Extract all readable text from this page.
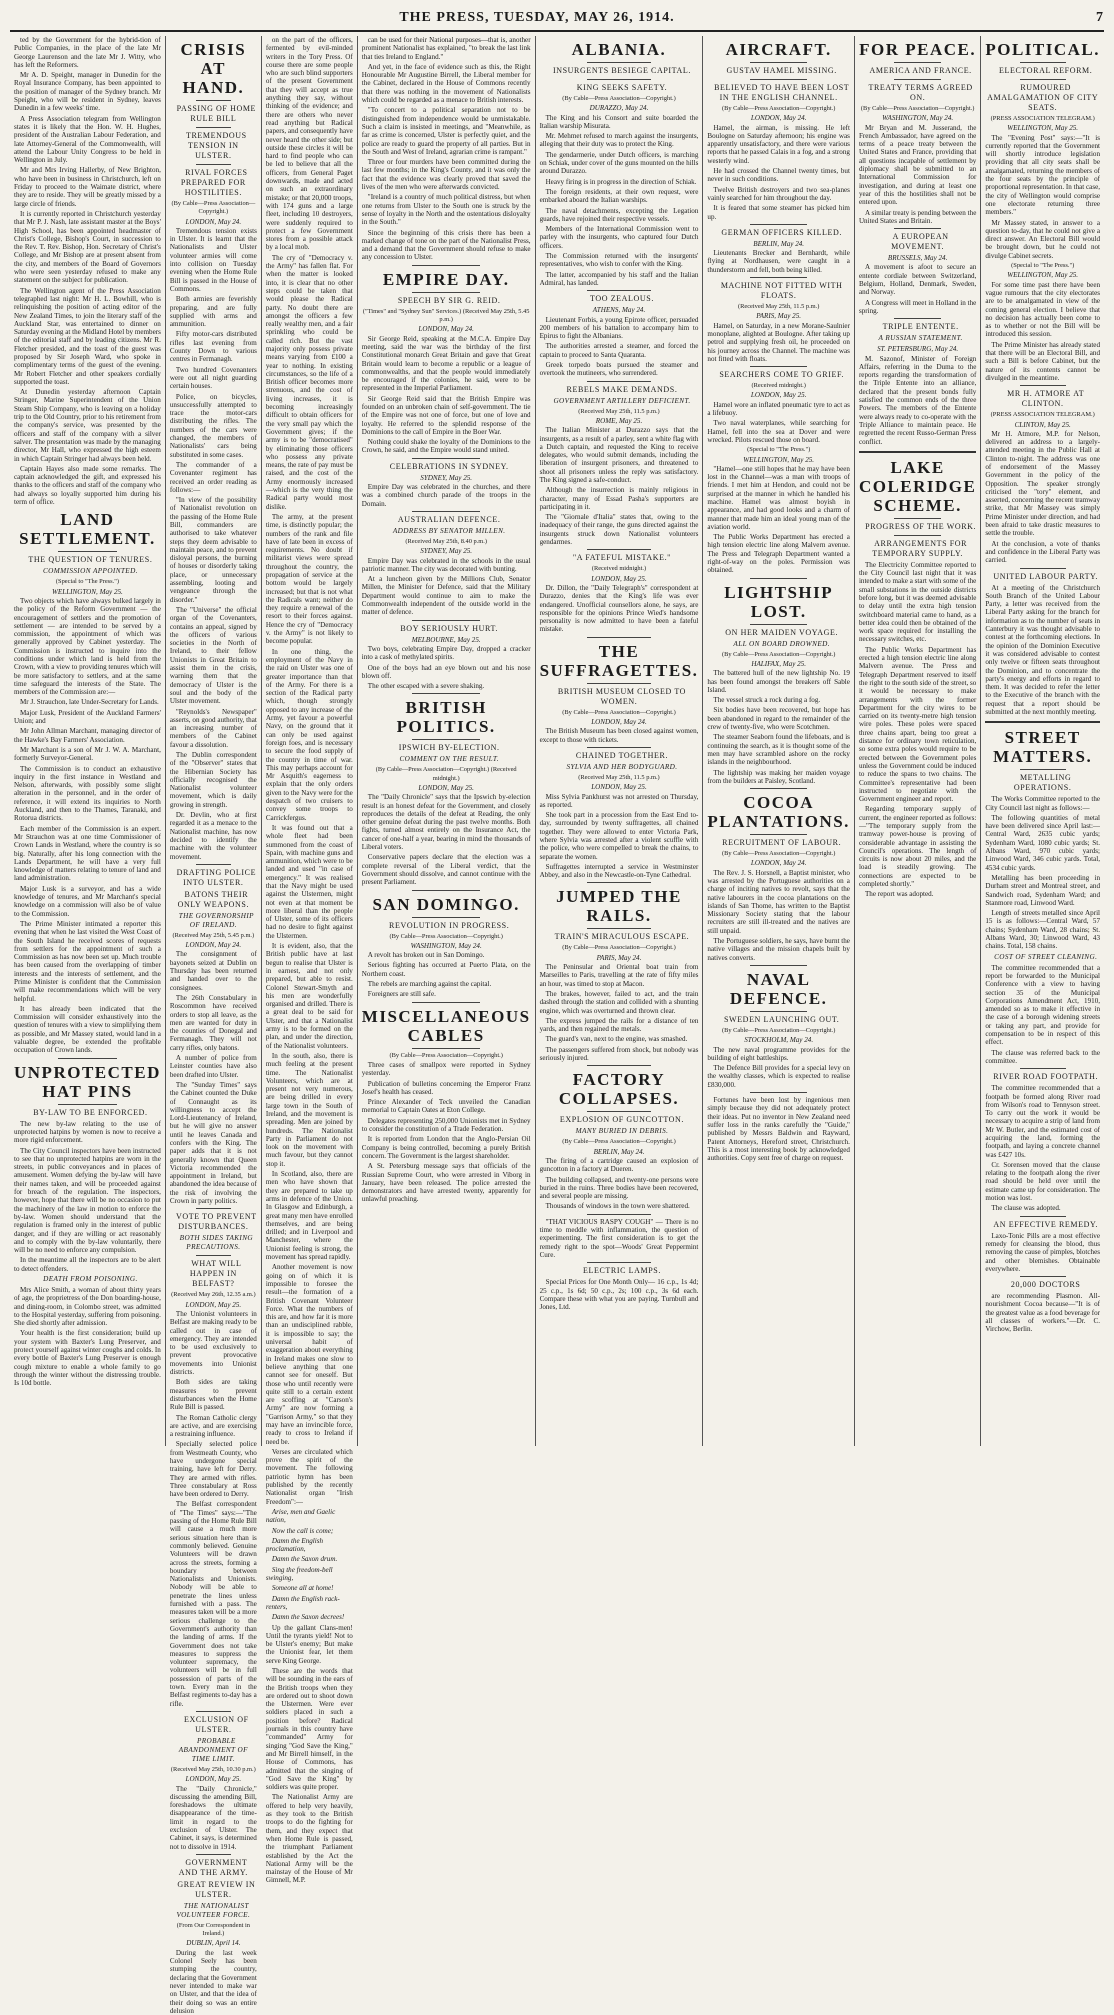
THE PRESS, TUESDAY, MAY 26, 1914.	7

ted by the Government for the hybrid-tion of Public Companies, in the place of the late Mr George Laurenson and the late Mr J. Witty, who has left the Reformers.

Mr A. D. Speight, manager in Dunedin for the Royal Insurance Company, has been appointed to the position of manager of the Sydney branch. Mr Speight, who will be resident in Sydney, leaves Dunedin in a few weeks' time.

A Press Association telegram from Wellington states it is likely that the Hon. W. H. Hughes, president of the Australian Labour Federation, and late Attorney-General of the Commonwealth, will attend the Labour Unity Congress to be held in Wellington in July.

Mr and Mrs Irving Hallerby, of New Brighton, who have been in business in Christchurch, left on Friday to proceed to the Waimate district, where they are to reside. They will be greatly missed by a large circle of friends.

It is currently reported in Christchurch yesterday that Mr P. J. Nash, late assistant master at the Boys' High School, has been appointed headmaster of Christ's College, Bishop's Court, in succession to the Rev. T. Rev. Bishop, Hon. Secretary of Christ's College, and Mr Bishop are at present absent from the city, and members of the Board of Governors who were seen yesterday refused to make any statement on the subject for publication.

The Wellington agent of the Press Association telegraphed last night: Mr H. L. Bowhill, who is relinquishing the position of acting editor of the New Zealand Times, to join the literary staff of the Auckland Star, was entertained to dinner on Saturday evening at the Midland Hotel by members of the editorial staff and by leading citizens. Mr R. Fletcher presided, and the toast of the guest was proposed by Sir Joseph Ward, who spoke in complimentary terms of the guest of the evening. Mr Robert Fletcher and other speakers cordially supported the toast.

At Dunedin yesterday afternoon Captain Stringer, Marine Superintendent of the Union Steam Ship Company, who is leaving on a holiday trip to the Old Country, prior to his retirement from the company's service, was presented by the officers and staff of the company with a silver salver. The presentation was made by the managing director, Mr Hall, who expressed the high esteem in which Captain Stringer had always been held.

Captain Hayes also made some remarks. The captain acknowledged the gift, and expressed his thanks to the officers and staff of the company who had always so loyally supported him during his term of office.

LAND SETTLEMENT.

THE QUESTION OF TENURES.

COMMISSION APPOINTED.

(Special to "The Press.")

WELLINGTON, May 25.

Two objects which have always bulked largely in the policy of the Reform Government — the encouragement of settlers and the promotion of settlement — are intended to be served by a commission, the appointment of which was generally approved by Cabinet yesterday. The Commission is instructed to inquire into the conditions under which land is held from the Crown, with a view to providing tenures which will be more satisfactory to settlers, and at the same time safeguard the interests of the State. The members of the Commission are:—

Mr J. Strauchon, late Under-Secretary for Lands.

Major Lusk, President of the Auckland Farmers' Union; and

Mr John Allman Marchant, managing director of the Hawke's Bay Farmers' Association.

Mr Marchant is a son of Mr J. W. A. Marchant, formerly Surveyor-General.

The Commission is to conduct an exhaustive inquiry in the first instance in Westland and Nelson, afterwards, with possibly some slight alteration in the personnel, and in the order of reference, it will extend its inquiries to North Auckland, and then to the Thames, Taranaki, and Rotorua districts.

Each member of the Commission is an expert. Mr Strauchon was at one time Commissioner of Crown Lands in Westland, where the country is so big. Naturally, after his long connection with the Lands Department, he will have a very full knowledge of matters relating to tenure of land and land administration.

Major Lusk is a surveyor, and has a wide knowledge of tenures, and Mr Marchant's special knowledge on a commission will also be of value to the Commission.

The Prime Minister intimated a reporter this evening that when he last visited the West Coast of the South Island he received scores of requests from settlers for the appointment of such a Commission as has now been set up. Much trouble has been caused from the overlapping of timber interests and the interests of settlement, and the Prime Minister is confident that the Commission will make recommendations which will be very helpful.

It has already been indicated that the Commission will consider exhaustively into the question of tenures with a view to simplifying them as possible, and Mr Massey stated, would land in a valuable degree, be extended the profitable occupation of Crown lands.

UNPROTECTED HAT PINS

BY-LAW TO BE ENFORCED.

The new by-law relating to the use of unprotected hatpins by women is now to receive a more rigid enforcement.

The City Council inspectors have been instructed to see that no unprotected hatpins are worn in the streets, in public conveyances and in places of amusement. Women defying the by-law will have their names taken, and will be proceeded against for breach of the regulation. The inspectors, however, hope that there will be no occasion to put the machinery of the law in motion to enforce the by-law. Women should understand that the regulation is framed only in the interest of public danger, and if they are willing or act reasonably and to comply with the by-law voluntarily, there will be no need to enforce any compulsion.

In the meantime all the inspectors are to be alert to detect offenders.

DEATH FROM POISONING.

Mrs Alice Smith, a woman of about thirty years of age, the proprietress of the Don boarding-house, and dining-room, in Colombo street, was admitted to the Hospital yesterday, suffering from poisoning. She died shortly after admission.

Your health is the first consideration; build up your system with Baxter's Lung Preserver, and protect yourself against winter coughs and colds. In every bottle of Baxter's Lung Preserver is enough cough mixture to enable a whole family to go through the winter without the distressing trouble. Is 10d bottle.

CRISIS AT HAND.

PASSING OF HOME RULE BILL

TREMENDOUS TENSION IN ULSTER.

RIVAL FORCES PREPARED FOR HOSTILITIES.

(By Cable—Press Association—Copyright.)

LONDON, May 24.

Tremendous tension exists in Ulster. It is learnt that the Nationalists and Ulster volunteer armies will come into collision on Tuesday evening when the Home Rule Bill is passed in the House of Commons.

Both armies are feverishly preparing, and are fully supplied with arms and ammunition.

Fifty motor-cars distributed rifles last evening from County Down to various centres in Fermanagh.

Two hundred Covenanters were out all night guarding certain houses.

Police, on bicycles, unsuccessfully attempted to trace the motor-cars distributing the rifles. The numbers of the cars were changed, the members of Nationalists' cars being substituted in some cases.

The commander of a Covenanter regiment has received an order reading as follows:—

"In view of the possibility of Nationalist revolution on the passing of the Home Rule Bill, commanders are authorised to take whatever steps they deem advisable to maintain peace, and to prevent disloyal persons, the burning of houses or disorderly taking place, or unnecessary assembling, looting and vengeance through the disorder."

The "Universe" the official organ of the Covenanters, contains an appeal, signed by the officers of various societies in the North of Ireland, to their fellow Unionists in Great Britain to assist them in the crisis, warning them that the democracy of Ulster is the soul and the body of the Ulster movement.

"Reynolds's Newspaper" asserts, on good authority, that an increasing number of members of the Cabinet favour a dissolution.

The Dublin correspondent of the "Observer" states that the Hibernian Society has officially recognised the Nationalist volunteer movement, which is daily growing in strength.

Dr. Devlin, who at first regarded it as a menace to the Nationalist machine, has now decided to identify the machine with the volunteer movement.

DRAFTING POLICE INTO ULSTER.

BATONS THEIR ONLY WEAPONS.

THE GOVERNORSHIP OF IRELAND.

(Received May 25th, 5.45 p.m.)

LONDON, May 24.

The consignment of bayonets seized at Dublin on Thursday has been returned and handed over to the consignees.

The 26th Constabulary in Roscommon have received orders to stop all leave, as the men are wanted for duty in the counties of Donegal and Fermanagh. They will not carry rifles, only batons.

A number of police from Leinster counties have also been drafted into Ulster.

The "Sunday Times" says the Cabinet counted the Duke of Connaught as its willingness to accept the Lord-Lieutenancy of Ireland, but he will give no answer until he leaves Canada and confers with the King. The paper adds that it is not generally known that Queen Victoria recommended the appointment in Ireland, but abandoned the idea because of the risk of involving the Crown in party politics.

VOTE TO PREVENT DISTURBANCES.

BOTH SIDES TAKING PRECAUTIONS.

WHAT WILL HAPPEN IN BELFAST?

(Received May 26th, 12.35 a.m.)

LONDON, May 25.

The Unionist volunteers in Belfast are making ready to be called out in case of emergency. They are intended to be used exclusively to prevent provocative movements into Unionist districts.

Both sides are taking measures to prevent disturbances when the Home Rule Bill is passed.

The Roman Catholic clergy are active, and are exercising a restraining influence.

Specially selected police from Westmeath County, who have undergone special training, have left for Derry. They are armed with rifles. Three constabulary at Ross have been ordered to Derry.

The Belfast correspondent of "The Times" says:—"The passing of the Home Rule Bill will cause a much more serious situation here than is commonly believed. Genuine Volunteers will be drawn across the streets, forming a boundary between Nationalists and Unionists. Nobody will be able to penetrate the lines unless furnished with a pass. The measures taken will be a more serious challenge to the Government's authority than the landing of arms. If the Government does not take measures to suppress the volunteer supremacy, the volunteers will be in full possession of parts of the town. Every man in the Belfast regiments to-day has a rifle.

EXCLUSION OF ULSTER.

PROBABLE ABANDONMENT OF TIME LIMIT.

(Received May 25th, 10.30 p.m.)

LONDON, May 25.

The "Daily Chronicle," discussing the amending Bill, foreshadows the ultimate disappearance of the time-limit in regard to the exclusion of Ulster. The Cabinet, it says, is determined not to dissolve in 1914.

GOVERNMENT AND THE ARMY.

GREAT REVIEW IN ULSTER.

THE NATIONALIST VOLUNTEER FORCE.

(From Our Correspondent in Ireland.)

DUBLIN, April 14.

During the last week Colonel Seely has been stumping the country, declaring that the Government never intended to make war on Ulster, and that the idea of their doing so was an entire delusion

on the part of the officers, fermented by evil-minded writers in the Tory Press. Of course there are some people who are such blind supporters of the present Government that they will accept as true anything they say, without thinking of the evidence; and there are others who never read anything but Radical papers, and consequently have never heard the other side; but outside these circles it will be hard to find people who can be led to believe that all the officers, from General Paget downwards, made and acted on such an extraordinary mistake; or that 20,000 troops, with 174 guns and a large fleet, including 10 destroyers, were suddenly required to protect a few Government stores from a possible attack by a local mob.

The cry of "Democracy v. the Army" has fallen flat. For when the matter is looked into, it is clear that no other steps could be taken that would please the Radical party. No doubt there are amongst the officers a few really wealthy men, and a fair sprinkling who could be called rich. But the vast majority only possess private means varying from £100 a year to nothing. In existing circumstances, so the life of a British officer becomes more strenuous, and the cost of living increases, it is becoming increasingly difficult to obtain officers for the very small pay which the Government gives; if the army is to be "democratised" by eliminating those officers who possess any private means, the rate of pay must be raised, and the cost of the Army enormously increased—which is the very thing the Radical party would most dislike.

The army, at the present time, is distinctly popular; the numbers of the rank and file have of late been in excess of requirements. No doubt if militarist views were spread throughout the country, the propagation of service at the bottom would be largely increased; but that is not what the Radicals want; neither do they require a renewal of the resort to their forces against. Hence the cry of "Democracy v. the Army" is not likely to become popular.

In one thing, the employment of the Navy in the raid on Ulster was one of greater importance than that of the Army. For there is a section of the Radical party which, though strongly opposed to any increase of the Army, yet favour a powerful Navy, on the ground that it can only be used against foreign foes, and is necessary to secure the food supply of the country in time of war. This may perhaps account for Mr Asquith's eagerness to explain that the only orders given to the Navy were for the despatch of two cruisers to convey some troops to Carrickfergus.

It was found out that a whole fleet had been summoned from the coast of Spain, with machine guns and ammunition, which were to be landed and used "in case of emergency." It was realised that the Navy might be used against the Ulstermen, might not even at that moment be more liberal than the people of Ulster, some of its officers had no desire to fight against the Ulstermen.

It is evident, also, that the British public have at last begun to realise that Ulster is in earnest, and not only prepared, but able to resist. Colonel Stewart-Smyth and his men are wonderfully organised and drilled. There is a great deal to be said for Ulster, and that a Nationalist army is to be formed on the plan, and under the direction, of the Nationalist volunteers.

In the south, also, there is much feeling at the present time. The Nationalist Volunteers, which are at present not very numerous, are being drilled in every large town in the South of Ireland, and the movement is spreading. Men are joined by hundreds. The Nationalist Party in Parliament do not look on the movement with much favour, but they cannot stop it.

In Scotland, also, there are men who have shown that they are prepared to take up arms in defence of the Union. In Glasgow and Edinburgh, a great many men have enrolled themselves, and are being drilled; and in Liverpool and Manchester, where the Unionist feeling is strong, the movement has spread rapidly.

Another movement is now going on of which it is impossible to foresee the result—the formation of a British Covenant Volunteer Force. What the numbers of this are, and how far it is more than an undisciplined rabble, it is impossible to say; the universal habit of exaggeration about everything in Ireland makes one slow to believe anything that one cannot see for oneself. But those who until recently were quite still to a certain extent are scoffing at "Carson's Army" are now forming a "Garrison Army," so that they may have an invincible force, ready to cross to Ireland if need be.

Verses are circulated which prove the spirit of the movement. The following patriotic hymn has been published by the recently Nationalist organ "Irish Freedom":—

Arise, men and Gaelic nation,

Now the call is come;

Damn the English proclamation,

Damn the Saxon drum.

Sing the freedom-bell swinging,

Someone all at home!

Damn the English rack-renters,

Damn the Saxon decrees!

Up the gallant Clans-men! Until the tyrants yield! Not to be Ulster's enemy; But make the Unionist fear, let them serve King George.

These are the words that will be sounding in the ears of the British troops when they are ordered out to shoot down the Ulstermen. Were ever soldiers placed in such a position before? Radical journals in this country have "commanded" Army for singing "God Save the King," and Mr Birrell himself, in the House of Commons, has admitted that the singing of "God Save the King" by soldiers was quite proper.

The Nationalist Army are offered to help very heavily, as they took to the British troops to do the fighting for them, and they expect that when Home Rule is passed, the triumphant Parliament established by the Act the National Army will be the mainstay of the House of Mr Gimnell, M.P.

can be used for their National purposes—that is, another prominent Nationalist has explained, "to break the last link that ties Ireland to England."

And yet, in the face of evidence such as this, the Right Honourable Mr Augustine Birrell, the Liberal member for the Cabinet, declared in the House of Commons recently that there was nothing in the movement of Nationalists which could be regarded as a menace to British interests.

"To concert to a political separation not to be distinguished from independence would be unmistakable. Such a claim is insisted in meetings, and "Meanwhile, as far as crime is concerned, Ulster is perfectly quiet, and the police are ready to guard the property of all parties. But in the South and West of Ireland, agrarian crime is rampant."

Three or four murders have been committed during the last few months; in the King's County, and it was only the fact that the evidence was clearly proved that saved the lives of the men who were afterwards convicted.

"Ireland is a country of much political distress, but when one returns from Ulster to the South one is struck by the sense of loyalty in the North and the ostentatious disloyalty in the South."

Since the beginning of this crisis there has been a marked change of tone on the part of the Nationalist Press, and a demand that the Government should refuse to make any concession to Ulster.

EMPIRE DAY.

SPEECH BY SIR G. REID.

("Times" and "Sydney Sun" Services.) (Received May 25th, 5.45 p.m.)

LONDON, May 24.

Sir George Reid, speaking at the M.C.A. Empire Day meeting, said the war was the birthday of the first Constitutional monarch Great Britain and gave that Great Britain would learn to become a republic or a league of commonwealths, and that the people would immediately be encouraged if the colonies, he said, were to be represented in the Imperial Parliament.

Sir George Reid said that the British Empire was founded on an unbroken chain of self-government. The tie of the Empire was not one of force, but one of love and loyalty. He referred to the splendid response of the Dominions to the call of Empire in the Boer War.

Nothing could shake the loyalty of the Dominions to the Crown, he said, and the Empire would stand united.

CELEBRATIONS IN SYDNEY.

SYDNEY, May 25.

Empire Day was celebrated in the churches, and there was a combined church parade of the troops in the Domain.

AUSTRALIAN DEFENCE.

ADDRESS BY SENATOR MILLEN.

(Received May 25th, 8.40 p.m.)

SYDNEY, May 25.

Empire Day was celebrated in the schools in the usual patriotic manner. The city was decorated with bunting.

At a luncheon given by the Millions Club, Senator Millen, the Minister for Defence, said that the Military Department would continue to aim to make the Commonwealth independent of the outside world in the matter of defence.

BOY SERIOUSLY HURT.

MELBOURNE, May 25.

Two boys, celebrating Empire Day, dropped a cracker into a cask of methylated spirits.

One of the boys had an eye blown out and his nose blown off.

The other escaped with a severe shaking.

BRITISH POLITICS.

IPSWICH BY-ELECTION.

COMMENT ON THE RESULT.

(By Cable—Press Association—Copyright.) (Received midnight.)

LONDON, May 25.

The "Daily Chronicle" says that the Ipswich by-election result is an honest defeat for the Government, and closely reproduces the details of the defeat at Reading, the only other genuine defeat during the past twelve months. Both fights, turned almost entirely on the Insurance Act, the cancer of one-half a year, bearing in mind the thousands of Liberal voters.

Conservative papers declare that the election was a complete reversal of the Liberal verdict, that the Government should dissolve, and cannot continue with the present Parliament.

SAN DOMINGO.

REVOLUTION IN PROGRESS.

(By Cable—Press Association—Copyright.)

WASHINGTON, May 24.

A revolt has broken out in San Domingo.

Serious fighting has occurred at Puerto Plata, on the Northern coast.

The rebels are marching against the capital.

Foreigners are still safe.

MISCELLANEOUS CABLES

(By Cable—Press Association—Copyright.)

Three cases of smallpox were reported in Sydney yesterday.

Publication of bulletins concerning the Emperor Franz Josef's health has ceased.

Prince Alexander of Teck unveiled the Canadian memorial to Captain Oates at Eton College.

Delegates representing 250,000 Unionists met in Sydney to consider the constitution of a Trade Federation.

It is reported from London that the Anglo-Persian Oil Company is being controlled, becoming a purely British concern. The Government is the largest shareholder.

A St. Petersburg message says that officials of the Russian Supreme Court, who were arrested in Viborg in January, have been released. The police arrested the demonstrators and have arrested twenty, apparently for unlawful preaching.

ALBANIA.

INSURGENTS BESIEGE CAPITAL.

KING SEEKS SAFETY.

(By Cable—Press Association—Copyright.)

DURAZZO, May 24.

The King and his Consort and suite boarded the Italian warship Misurata.

Mr. Mehmet refused to march against the insurgents, alleging that their duty was to protect the King.

The gendarmerie, under Dutch officers, is marching on Schiak, under cover of the guns mounted on the hills around Durazzo.

Heavy firing is in progress in the direction of Schiak.

The foreign residents, at their own request, were embarked aboard the Italian warships.

The naval detachments, excepting the Legation guards, have rejoined their respective vessels.

Members of the International Commission went to parley with the insurgents, who captured four Dutch officers.

The Commission returned with the insurgents' representatives, who wish to confer with the King.

The latter, accompanied by his staff and the Italian Admiral, has landed.

TOO ZEALOUS.

ATHENS, May 24.

Lieutenant Forbis, a young Epirote officer, persuaded 200 members of his battalion to accompany him to Epirus to fight the Albanians.

The authorities arrested a steamer, and forced the captain to proceed to Santa Quaranta.

Greek torpedo boats pursued the steamer and overtook the mutineers, who surrendered.

REBELS MAKE DEMANDS.

GOVERNMENT ARTILLERY DEFICIENT.

(Received May 25th, 11.5 p.m.)

ROME, May 25.

The Italian Minister at Durazzo says that the insurgents, as a result of a parley, sent a white flag with a Dutch captain, and requested the King to receive delegates, who would submit demands, including the liberation of insurgent prisoners, and threatened to shoot all prisoners unless the reply was satisfactory. The King signed a safe-conduct.

Although the insurrection is mainly religious in character, many of Essad Pasha's supporters are participating in it.

The "Giornale d'Italia" states that, owing to the inadequacy of their range, the guns directed against the insurgents struck down Nationalist volunteers gendarmes.

"A FATEFUL MISTAKE."

(Received midnight.)

LONDON, May 25.

Dr. Dillon, the "Daily Telegraph's" correspondent at Durazzo, denies that the King's life was ever endangered. Unofficial counsellors alone, he says, are responsible for the opinions Prince Wied's handsome personality is now admitted to have been a fateful mistake.

THE SUFFRAGETTES.

BRITISH MUSEUM CLOSED TO WOMEN.

(By Cable—Press Association—Copyright.)

LONDON, May 24.

The British Museum has been closed against women, except to those with tickets.

CHAINED TOGETHER.

SYLVIA AND HER BODYGUARD.

(Received May 25th, 11.5 p.m.)

LONDON, May 25.

Miss Sylvia Pankhurst was not arrested on Thursday, as reported.

She took part in a procession from the East End to-day, surrounded by twenty suffragettes, all chained together. They were allowed to enter Victoria Park, where Sylvia was arrested after a violent scuffle with the police, who were compelled to break the chains, to separate the women.

Suffragettes interrupted a service in Westminster Abbey, and also in the Newcastle-on-Tyne Cathedral.

JUMPED THE RAILS.

TRAIN'S MIRACULOUS ESCAPE.

(By Cable—Press Association—Copyright.)

PARIS, May 24.

The Peninsular and Oriental boat train from Marseilles to Paris, travelling at the rate of fifty miles an hour, was timed to stop at Macon.

The brakes, however, failed to act, and the train dashed through the station and collided with a shunting engine, which was overturned and thrown clear.

The express jumped the rails for a distance of ten yards, and then regained the metals.

The guard's van, next to the engine, was smashed.

The passengers suffered from shock, but nobody was seriously injured.

FACTORY COLLAPSES.

EXPLOSION OF GUNCOTTON.

MANY BURIED IN DEBRIS.

(By Cable—Press Association—Copyright.)

BERLIN, May 24.

The firing of a cartridge caused an explosion of guncotton in a factory at Dueren.

The building collapsed, and twenty-one persons were buried in the ruins. Three bodies have been recovered, and several people are missing.

Thousands of windows in the town were shattered.

"THAT VICIOUS RASPY COUGH" — There is no time to meddle with inflammation, the question of experimenting. The first consideration is to get the remedy right to the spot—Woods' Great Peppermint Cure.

ELECTRIC LAMPS.

Special Prices for One Month Only— 16 c.p., 1s 4d; 25 c.p., 1s 6d; 50 c.p., 2s; 100 c.p., 3s 6d each. Compare these with what you are paying. Turnbull and Jones, Ltd.

AIRCRAFT.

GUSTAV HAMEL MISSING.

BELIEVED TO HAVE BEEN LOST IN THE ENGLISH CHANNEL.

(By Cable—Press Association—Copyright.)

LONDON, May 24.

Hamel, the airman, is missing. He left Boulogne on Saturday afternoon; his engine was apparently unsatisfactory, and there were various reports that he passed Calais in a fog, and a strong westerly wind.

He had crossed the Channel twenty times, but never in such conditions.

Twelve British destroyers and two sea-planes vainly searched for him throughout the day.

It is feared that some steamer has picked him up.

GERMAN OFFICERS KILLED.

BERLIN, May 24.

Lieutenants Brecker and Bernhardt, while flying at Nordhausen, were caught in a thunderstorm and fell, both being killed.

MACHINE NOT FITTED WITH FLOATS.

(Received May 25th, 11.5 p.m.)

PARIS, May 25.

Hamel, on Saturday, in a new Morane-Saulnier monoplane, alighted at Boulogne. After taking up petrol and supplying fresh oil, he proceeded on his journey across the Channel. The machine was not fitted with floats.

SEARCHERS COME TO GRIEF.

(Received midnight.)

LONDON, May 25.

Hamel wore an inflated pneumatic tyre to act as a lifebuoy.

Two naval waterplanes, while searching for Hamel, fell into the sea at Dover and were wrecked. Pilots rescued those on board.

(Special to "The Press.")

WELLINGTON, May 25.

"Hamel—one still hopes that he may have been lost in the Channel—was a man with troops of friends. I met him at Hendon, and could not be surprised at the manner in which he handled his machine. Hamel was almost boyish in appearance, and had good looks and a charm of manner that made him an ideal young man of the aviation world.

The Public Works Department has erected a high tension electric line along Malvern avenue. The Press and Telegraph Department wanted a right-of-way on the poles. Permission was obtained.

LIGHTSHIP LOST.

ON HER MAIDEN VOYAGE.

ALL ON BOARD DROWNED.

(By Cable—Press Association—Copyright.)

HALIFAX, May 25.

The battered hull of the new lightship No. 19 has been found amongst the breakers off Sable Island.

The vessel struck a rock during a fog.

Six bodies have been recovered, but hope has been abandoned in regard to the remainder of the crew of twenty-five, who were Scotchmen.

The steamer Seaborn found the lifeboats, and is continuing the search, as it is thought some of the men may have scrambled ashore on the rocky islands in the neighbourhood.

The lightship was making her maiden voyage from the builders at Paisley, Scotland.

COCOA PLANTATIONS.

RECRUITMENT OF LABOUR.

(By Cable—Press Association—Copyright.)

LONDON, May 24.

The Rev. J. S. Horsnell, a Baptist minister, who was arrested by the Portuguese authorities on a charge of inciting natives to revolt, says that the native labourers in the cocoa plantations on the islands of San Thome, has written to the Baptist Missionary Society stating that the labour recruiters are still ill-treated and the natives are still unpaid.

The Portuguese soldiers, he says, have burnt the native villages and the mission chapels built by natives converts.

NAVAL DEFENCE.

SWEDEN LAUNCHING OUT.

(By Cable—Press Association—Copyright.)

STOCKHOLM, May 24.

The new naval programme provides for the building of eight battleships.

The Defence Bill provides for a special levy on the wealthy classes, which is expected to realise £830,000.

Fortunes have been lost by ingenious men simply because they did not adequately protect their ideas. Put no inventor in New Zealand need suffer loss in the ranks carefully the "Guide," published by Messrs Baldwin and Rayward, Patent Attorneys, Hereford street, Christchurch. This is a most interesting book by acknowledged authorities. Copy sent free of charge on request.

FOR PEACE.

AMERICA AND FRANCE.

TREATY TERMS AGREED ON.

(By Cable—Press Association—Copyright.)

WASHINGTON, May 24.

Mr Bryan and M. Jusserand, the French Ambassador, have agreed on the terms of a peace treaty between the United States and France, providing that all questions incapable of settlement by diplomacy shall be submitted to an International Commission for investigation, and during at least one year of this the hostilities shall not be entered upon.

A similar treaty is pending between the United States and Britain.

A EUROPEAN MOVEMENT.

BRUSSELS, May 24.

A movement is afoot to secure an entente cordiale between Switzerland, Belgium, Holland, Denmark, Sweden, and Norway.

A Congress will meet in Holland in the spring.

TRIPLE ENTENTE.

A RUSSIAN STATEMENT.

ST. PETERSBURG, May 24.

M. Sazonof, Minister of Foreign Affairs, referring in the Duma to the reports regarding the transformation of the Triple Entente into an alliance, declared that the present bonds fully satisfied the common ends of the three Powers. The members of the Entente were always ready to co-operate with the Triple Alliance to maintain peace. He regretted the recent Russo-German Press conflict.

LAKE COLERIDGE SCHEME.

PROGRESS OF THE WORK.

ARRANGEMENTS FOR TEMPORARY SUPPLY.

The Electricity Committee reported to the City Council last night that it was intended to make a start with some of the small substations in the outside districts before long, but it was deemed advisable to delay until the extra high tension switchboard material came to hand, as a better idea could then be obtained of the work space required for installing the necessary switches, etc.

The Public Works Department has erected a high tension electric line along Malvern avenue. The Press and Telegraph Department reserved to itself the right to the south side of the street, so it would be necessary to make arrangements with the former Department for the city wires to be carried on its twenty-metre high tension wire poles. These poles were spaced three chains apart, being too great a distance for ordinary town reticulation, so some extra poles would require to be erected between the Government poles unless the Government could be induced to reduce the spans to two chains. The Committee's representative had been instructed to negotiate with the Government engineer and report.

Regarding temporary supply of current, the engineer reported as follows:—"The temporary supply from the tramway power-house is proving of considerable advantage in assisting the Council's operations. The length of circuits is now about 20 miles, and the load is steadily growing. The connections are expected to be completed shortly."

The report was adopted.

POLITICAL.

ELECTORAL REFORM.

RUMOURED AMALGAMATION OF CITY SEATS.

(PRESS ASSOCIATION TELEGRAM.)

WELLINGTON, May 25.

The "Evening Post" says:—"It is currently reported that the Government will shortly introduce legislation providing that all city seats shall be amalgamated, returning the members of the four seats by the principle of proportional representation. In that case, the city of Wellington would comprise one electorate returning three members."

Mr Massey stated, in answer to a question to-day, that he could not give a direct answer. An Electoral Bill would be brought down, but he could not divulge Cabinet secrets.

(Special to "The Press.")

WELLINGTON, May 25.

For some time past there have been vague rumours that the city electorates are to be amalgamated in view of the coming general election. I believe that no decision has actually been come to as to whether or not the Bill will be introduced this session.

The Prime Minister has already stated that there will be an Electoral Bill, and such a Bill is before Cabinet, but the nature of its contents cannot be divulged in the meantime.

MR H. ATMORE AT CLINTON.

(PRESS ASSOCIATION TELEGRAM.)

CLINTON, May 25.

Mr H. Atmore, M.P. for Nelson, delivered an address to a largely-attended meeting in the Public Hall at Clinton to-night. The address was one of endorsement of the Massey Government in the policy of the Opposition. The speaker strongly criticised the "tory" element, and asserted, concerning the recent tramway strike, that Mr Massey was simply Prime Minister under direction, and had been afraid to take drastic measures to settle the trouble.

At the conclusion, a vote of thanks and confidence in the Liberal Party was carried.

UNITED LABOUR PARTY.

At a meeting of the Christchurch South Branch of the United Labour Party, a letter was received from the Liberal Party asking for the branch for information as to the number of seats in Canterbury it was thought advisable to contest at the forthcoming elections. In the opinion of the Dominion Executive it was considered advisable to contest only twelve or fifteen seats throughout the Dominion, and to concentrate the party's energy and efforts in regard to them. It was decided to refer the letter to the Executive of the branch with the request that a report should be submitted at the next monthly meeting.

STREET MATTERS.

METALLING OPERATIONS.

The Works Committee reported to the City Council last night as follows:—

The following quantities of metal have been delivered since April last:—Central Ward, 2635 cubic yards; Sydenham Ward, 1080 cubic yards; St. Albans Ward, 970 cubic yards; Linwood Ward, 346 cubic yards. Total, 4534 cubic yards.

Metalling has been proceeding in Durham street and Montreal street, and Sandwich road, Sydenham Ward; and Stanmore road, Linwood Ward.

Length of streets metalled since April 15 is as follows:—Central Ward, 57 chains; Sydenham Ward, 28 chains; St. Albans Ward, 30; Linwood Ward, 43 chains. Total, 158 chains.

COST OF STREET CLEANING.

The committee recommended that a report be forwarded to the Municipal Conference with a view to having section 35 of the Municipal Corporations Amendment Act, 1910, amended so as to make it effective in the case of a borough widening streets or taking any part, and provide for compensation to be in respect of this effect.

The clause was referred back to the committee.

RIVER ROAD FOOTPATH.

The committee recommended that a footpath be formed along River road from Wilson's road to Tennyson street. To carry out the work it would be necessary to acquire a strip of land from Mr W. Butler, and the estimated cost of acquiring the land, forming the footpath, and laying a concrete channel was £427 10s.

Cr. Sorensen moved that the clause relating to the footpath along the river road should be held over until the estimate came up for consideration. The motion was lost.

The clause was adopted.

AN EFFECTIVE REMEDY.

Laxo-Tonic Pills are a most effective remedy for cleansing the blood, thus removing the cause of pimples, blotches and other blemishes. Obtainable everywhere.

20,000 DOCTORS

are recommending Plasmon. All-nourishment Cocoa because—"It is of the greatest value as a food beverage for all classes of workers."—Dr. C. Virchow, Berlin.
